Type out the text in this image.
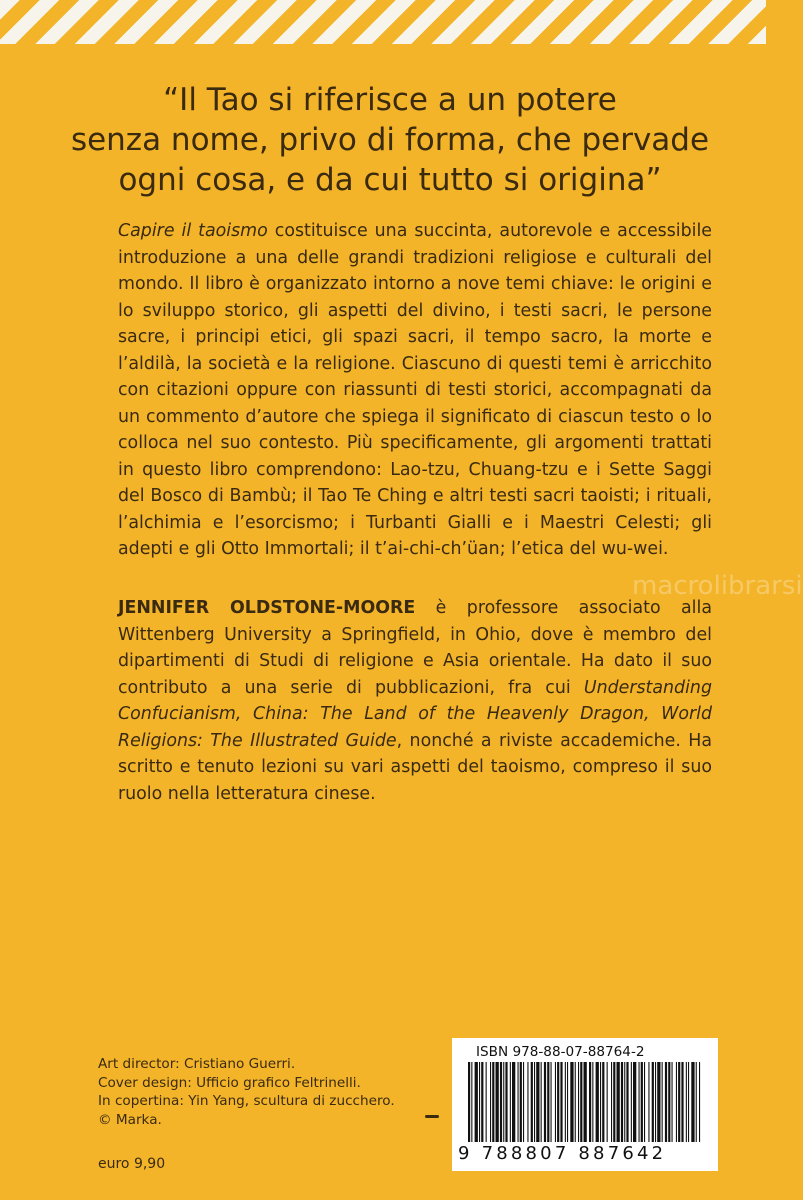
“Il Tao si riferisce a un potere
senza nome, privo di forma, che pervade
ogni cosa, e da cui tutto si origina”

Capire il taoismo costituisce una succinta, autorevole e accessibile introduzione a una delle grandi tradizioni religiose e culturali del mondo. Il libro è organizzato intorno a nove temi chiave: le origini e lo sviluppo storico, gli aspetti del divino, i testi sacri, le persone sacre, i principi etici, gli spazi sacri, il tempo sacro, la morte e l’aldilà, la società e la religione. Ciascuno di questi temi è arricchito con citazioni oppure con riassunti di testi storici, accompagnati da un commento d’autore che spiega il significato di ciascun testo o lo colloca nel suo contesto. Più specificamente, gli argomenti trattati in questo libro comprendono: Lao-tzu, Chuang-tzu e i Sette Saggi del Bosco di Bambù; il Tao Te Ching e altri testi sacri taoisti; i rituali, l’alchimia e l’esorcismo; i Turbanti Gialli e i Maestri Celesti; gli adepti e gli Otto Immortali; il t’ai-chi-ch’üan; l’etica del wu-wei.

macrolibrarsi
JENNIFER OLDSTONE-MOORE è professore associato alla Wittenberg University a Springfield, in Ohio, dove è membro del dipartimenti di Studi di religione e Asia orientale. Ha dato il suo contributo a una serie di pubblicazioni, fra cui Understanding Confucianism, China: The Land of the Heavenly Dragon, World Religions: The Illustrated Guide, nonché a riviste accademiche. Ha scritto e tenuto lezioni su vari aspetti del taoismo, compreso il suo ruolo nella letteratura cinese.
Art director: Cristiano Guerri.
Cover design: Ufficio grafico Feltrinelli.
In copertina: Yin Yang, scultura di zucchero.
© Marka.
euro 9,90
ISBN 978-88-07-88764-2
9 788807 887642
